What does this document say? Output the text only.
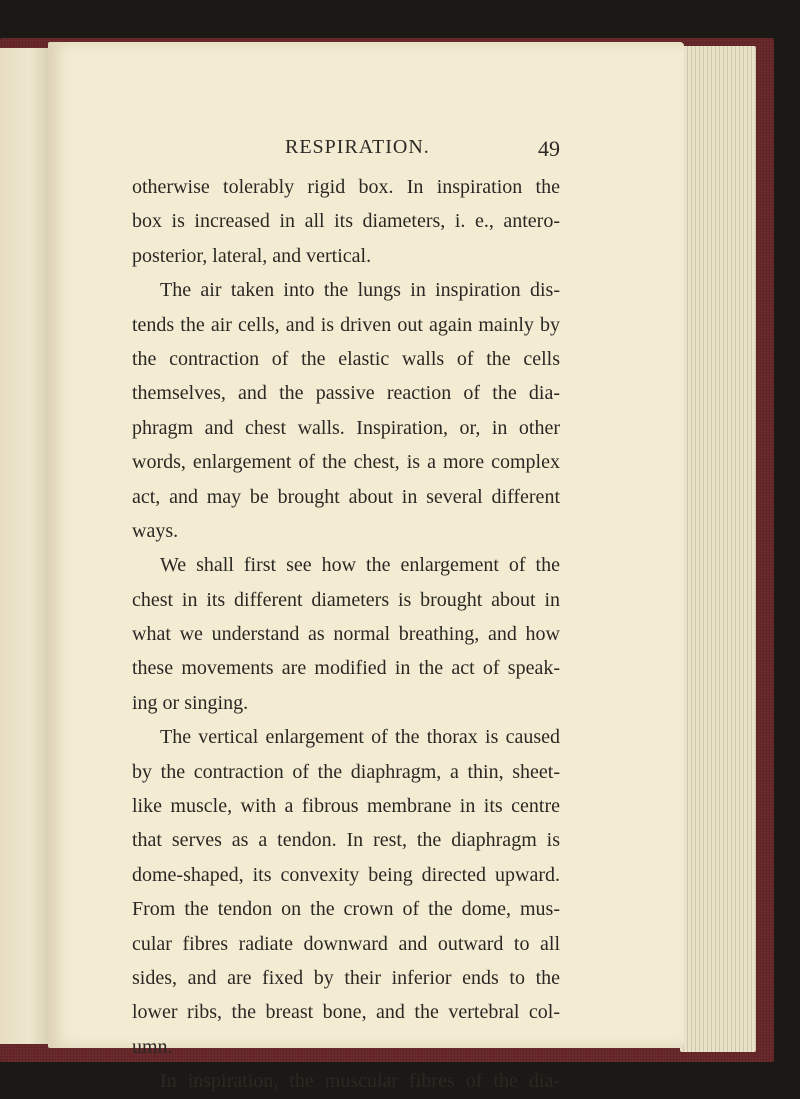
RESPIRATION.	49
otherwise tolerably rigid box. In inspiration the
box is increased in all its diameters, i. e., antero-
posterior, lateral, and vertical.
The air taken into the lungs in inspiration dis-
tends the air cells, and is driven out again mainly by
the contraction of the elastic walls of the cells
themselves, and the passive reaction of the dia-
phragm and chest walls. Inspiration, or, in other
words, enlargement of the chest, is a more complex
act, and may be brought about in several different
ways.
We shall first see how the enlargement of the
chest in its different diameters is brought about in
what we understand as normal breathing, and how
these movements are modified in the act of speak-
ing or singing.
The vertical enlargement of the thorax is caused
by the contraction of the diaphragm, a thin, sheet-
like muscle, with a fibrous membrane in its centre
that serves as a tendon. In rest, the diaphragm is
dome-shaped, its convexity being directed upward.
From the tendon on the crown of the dome, mus-
cular fibres radiate downward and outward to all
sides, and are fixed by their inferior ends to the
lower ribs, the breast bone, and the vertebral col-
umn.
In inspiration, the muscular fibres of the dia-
